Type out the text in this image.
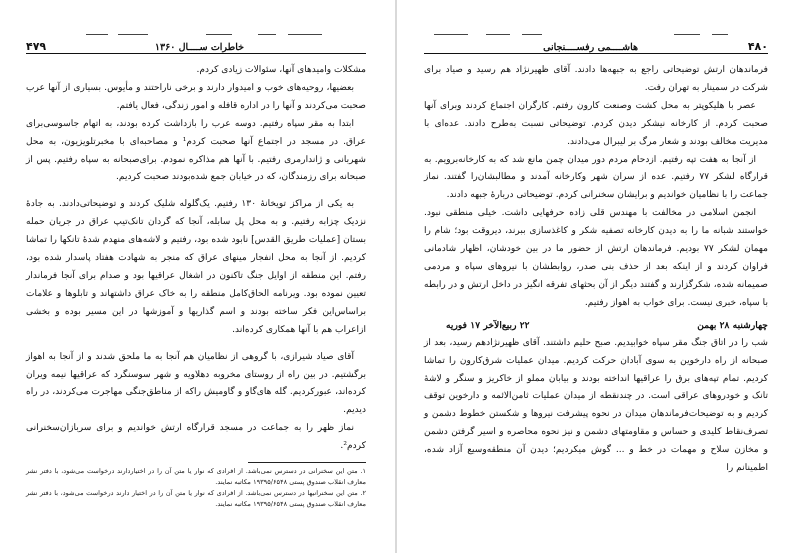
۴۷۹	خاطرات ســــال ۱۳۶۰

مشکلات وامیدهای آنها، سئوالات زیادی کردم.

بعضیها، روحیه‌های خوب و امیدوار دارند و برخی ناراحتند و مأیوس. بسیاری از آنها عرب صحبت می‌کردند و آنها را در اداره قافله و امور زندگی، فعال یافتم.

ابتدا به مقر سپاه رفتیم. دوسه عرب را بازداشت کرده بودند، به اتهام جاسوسی‌برای عراق. در مسجد در اجتماع آنها صحبت کردم¹ و مصاحبه‌ای با مخبرتلویزیون، به محل شهربانی و ژاندارمری رفتیم. با آنها هم مذاکره نمودم. برای‌صبحانه به سپاه رفتیم. پس از صبحانه برای رزمندگان، که در خیابان جمع شده‌بودند صحبت کردیم.

به یکی از مراکز تویخانهٔ ۱۳۰ رفتیم. یک‌گلوله شلیک کردند و توضیحاتی‌دادند. به جادهٔ نزدیک چزابه رفتیم. و به محل پل سابله، آنجا که گردان تانک‌تیپ عراق در جریان حمله بستان [عملیات طریق القدس] نابود شده بود، رفتیم و لاشه‌های منهدم شدهٔ تانکها را تماشا کردیم. از آنجا به محل انفجار مینهای عراق که منجر به شهادت هفتاد پاسدار شده بود، رفتم. این منطقه از اوایل جنگ تاکنون در اشغال عراقیها بود و صدام برای آنجا فرماندار تعیین نموده بود. ویرنامه الحاق‌کامل منطقه را به خاک عراق داشتهاند و تابلوها و علامات براساس‌این فکر ساخته بودند و اسم گذاریها و آموزشها در این مسیر بوده و بخشی ازاعراب هم با آنها همکاری کرده‌اند.

آقای صیاد شیرازی، با گروهی از نظامیان هم آنجا به ما ملحق شدند و از آنجا به اهواز برگشتیم. در بین راه از روستای مخروبه دهلاویه و شهر سوسنگرد که عراقیها نیمه ویران کرده‌اند، عبورکردیم. گله های‌گاو و گاومیش راکه از مناطق‌جنگی مهاجرت می‌کردند، در راه دیدیم.

نماز ظهر را به جماعت در مسجد قرارگاه ارتش خواندیم و برای سربازان‌سخنرانی کردم².

۱. متن این سخنرانی در دسترس نمی‌باشد. از افرادی که نوار یا متن آن را در اختیاردارند درخواست می‌شود، با دفتر نشر معارف انقلاب صندوق پستی ۱۹۳۹۵/۶۵۴۸ مکاتبه نمایند.

۲. متن این سخنرانیها در دسترس نمی‌باشد. از افرادی که نوار یا متن آن را در اختیار دارند درخواست می‌شود، با دفتر نشر معارف انقلاب صندوق پستی ۱۹۳۹۵/۶۵۴۸ مکاتبه نمایند.

۴۸۰
هاشــــمی رفســــنجانی

فرماندهان ارتش توضیحاتی راجع به جبهه‌ها دادند. آقای ظهیرنژاد هم رسید و صیاد برای شرکت در سمینار به تهران رفت.

عصر با هلیکوپتر به محل کشت وصنعت کارون رفتم. کارگران اجتماع کردند وبرای آنها صحبت کردم. از کارخانه نیشکر دیدن کردم. توضیحاتی نسبت به‌طرح دادند. عده‌ای با مدیریت مخالف بودند و شعار مرگ بر لیبرال می‌دادند.

از آنجا به هفت تپه رفتیم. ازدحام مردم دور میدان چمن مانع شد که به کارخانه‌برویم. به قرارگاه لشکر ۷۷ رفتیم. عده از سران شهر وکارخانه آمدند و مطالبشان‌را گفتند. نماز جماعت را با نظامیان خواندیم و برایشان سخنرانی کردم. توضیحاتی دربارهٔ جبهه دادند.

انجمن اسلامی در مخالفت با مهندس قلی زاده حرفهایی داشت. خیلی منطقی نبود. خواستند شبانه ما را به دیدن کارخانه تصفیه شکر و کاغذسازی ببرند، دیروقت بود؛ شام را مهمان لشکر ۷۷ بودیم. فرماندهان ارتش از حضور ما در بین خودشان، اظهار شادمانی فراوان کردند و از اینکه بعد از حذف بنی صدر، روابطشان با نیروهای سپاه و مردمی صمیمانه شده، شکرگزارند و گفتند دیگر از آن بحثهای تفرقه انگیز در داخل ارتش و در رابطه با سپاه، خبری نیست. برای خواب به اهواز رفتیم.

چهارشنبه ۲۸ بهمن
۲۲ ربیع‌الآخر ۱۷ فوریه

شب را در اتاق جنگ مقر سپاه خوابیدیم. صبح حلیم داشتند. آقای ظهیرنژادهم رسید، بعد از صبحانه از راه دارخوین به سوی آبادان حرکت کردیم. میدان عملیات شرق‌کارون را تماشا کردیم. تمام تپه‌های برق را عراقیها انداخته بودند و بیابان مملو از خاکریز و سنگر و لاشهٔ تانک و خودروهای عراقی است. در چندنقطه از میدان عملیات ثامن‌الائمه و دارخوین توقف کردیم و به توضیحات‌فرماندهان میدان در نحوه پیشرفت نیروها و شکستن خطوط دشمن و تصرف‌نقاط کلیدی و حساس و مقاومتهای دشمن و نیز نحوه محاصره و اسیر گرفتن دشمن و مخازن سلاح و مهمات در خط و ... گوش میکردیم؛ دیدن آن منطقه‌وسیع آزاد شده، اطمینانم را
